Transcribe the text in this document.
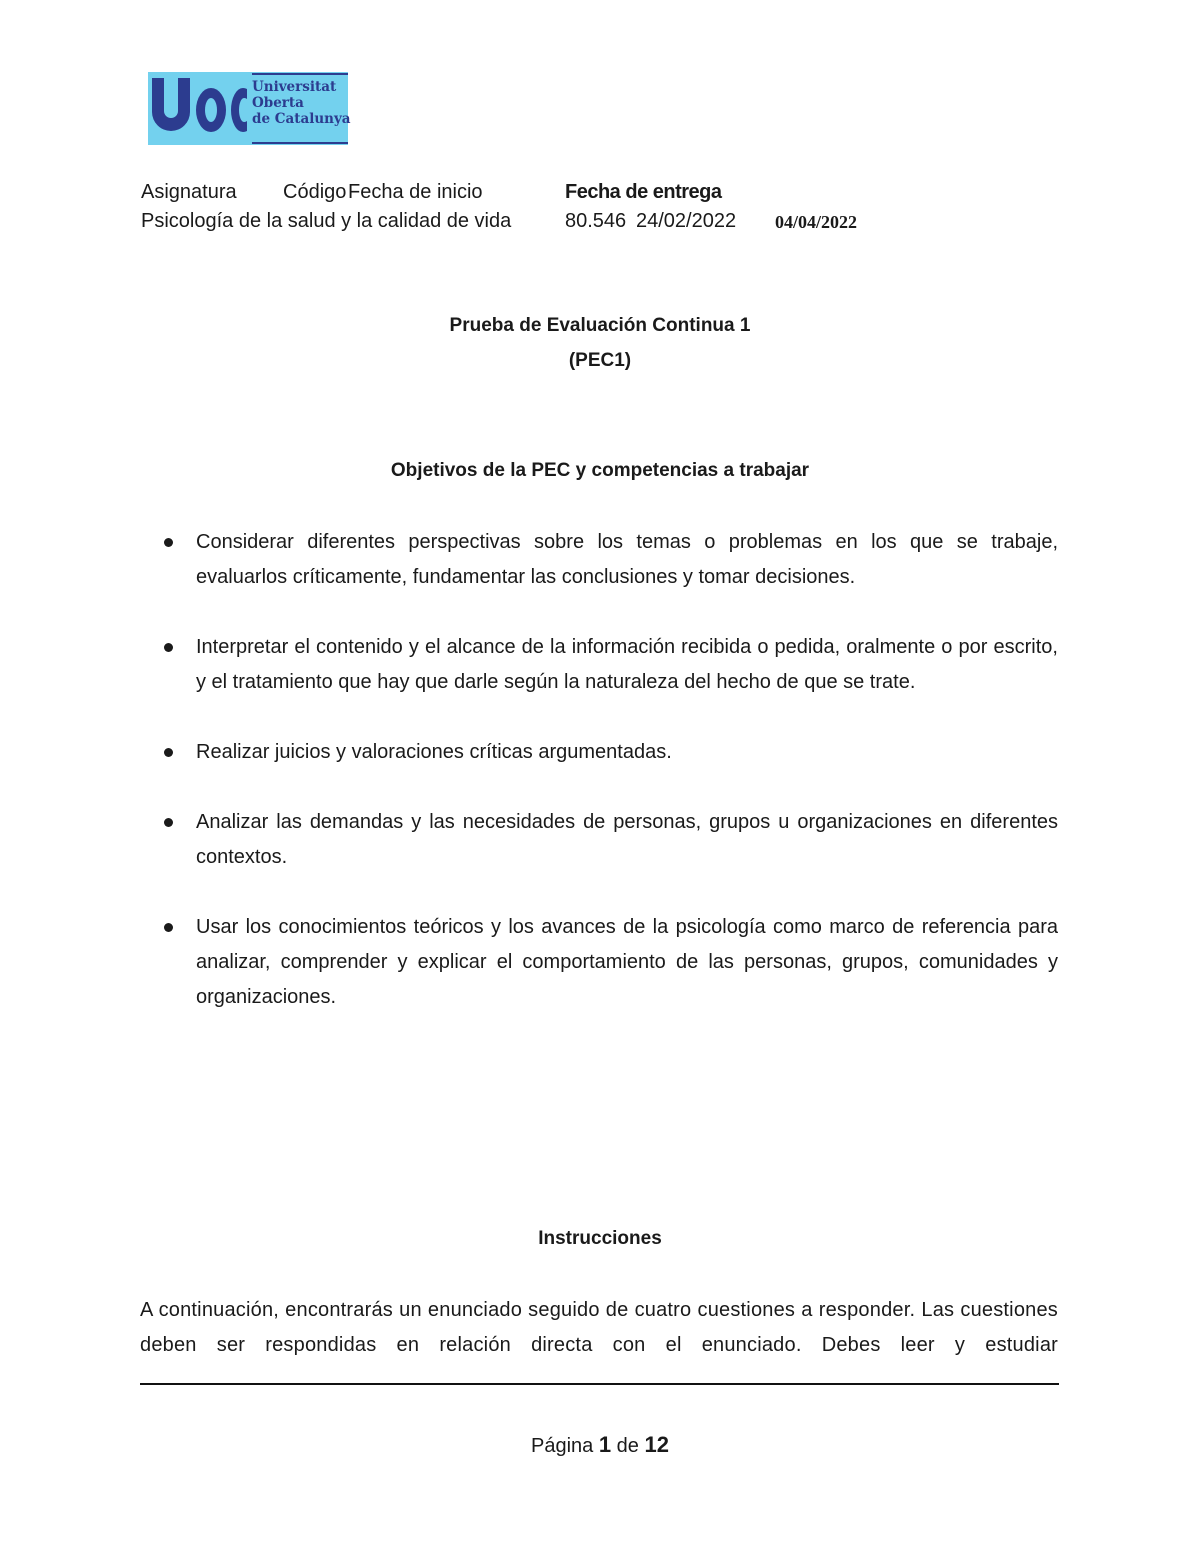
Universitat
Oberta
de Catalunya
Asignatura Código Fecha de inicio	Fecha de entrega
Psicología de la salud y la calidad de vida	80.546 24/02/2022 04/04/2022
Prueba de Evaluación Continua 1
(PEC1)
Objetivos de la PEC y competencias a trabajar
Considerar diferentes perspectivas sobre los temas o problemas en los que se trabaje, evaluarlos críticamente, fundamentar las conclusiones y tomar decisiones.
Interpretar el contenido y el alcance de la información recibida o pedida, oralmente o por escrito, y el tratamiento que hay que darle según la naturaleza del hecho de que se trate.
Realizar juicios y valoraciones críticas argumentadas.
Analizar las demandas y las necesidades de personas, grupos u organizaciones en diferentes contextos.
Usar los conocimientos teóricos y los avances de la psicología como marco de referencia para analizar, comprender y explicar el comportamiento de las personas, grupos, comunidades y organizaciones.
Instrucciones
A continuación, encontrarás un enunciado seguido de cuatro cuestiones a responder. Las cuestiones deben ser respondidas en relación directa con el enunciado. Debes leer y estudiar
Página 1 de 12
